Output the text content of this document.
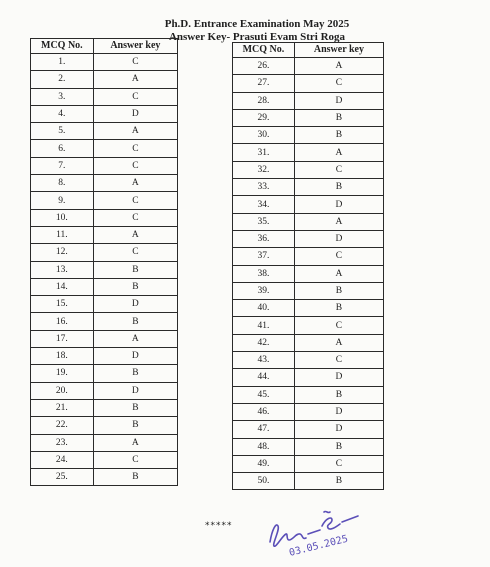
Ph.D. Entrance Examination May 2025
Answer Key- Prasuti Evam Stri Roga
MCQ No.	Answer key
1.	C
2.	A
3.	C
4.	D
5.	A
6.	C
7.	C
8.	A
9.	C
10.	C
11.	A
12.	C
13.	B
14.	B
15.	D
16.	B
17.	A
18.	D
19.	B
20.	D
21.	B
22.	B
23.	A
24.	C
25.	B
MCQ No.	Answer key
26.	A
27.	C
28.	D
29.	B
30.	B
31.	A
32.	C
33.	B
34.	D
35.	A
36.	D
37.	C
38.	A
39.	B
40.	B
41.	C
42.	A
43.	C
44.	D
45.	B
46.	D
47.	D
48.	B
49.	C
50.	B
*****
03.05.2025
